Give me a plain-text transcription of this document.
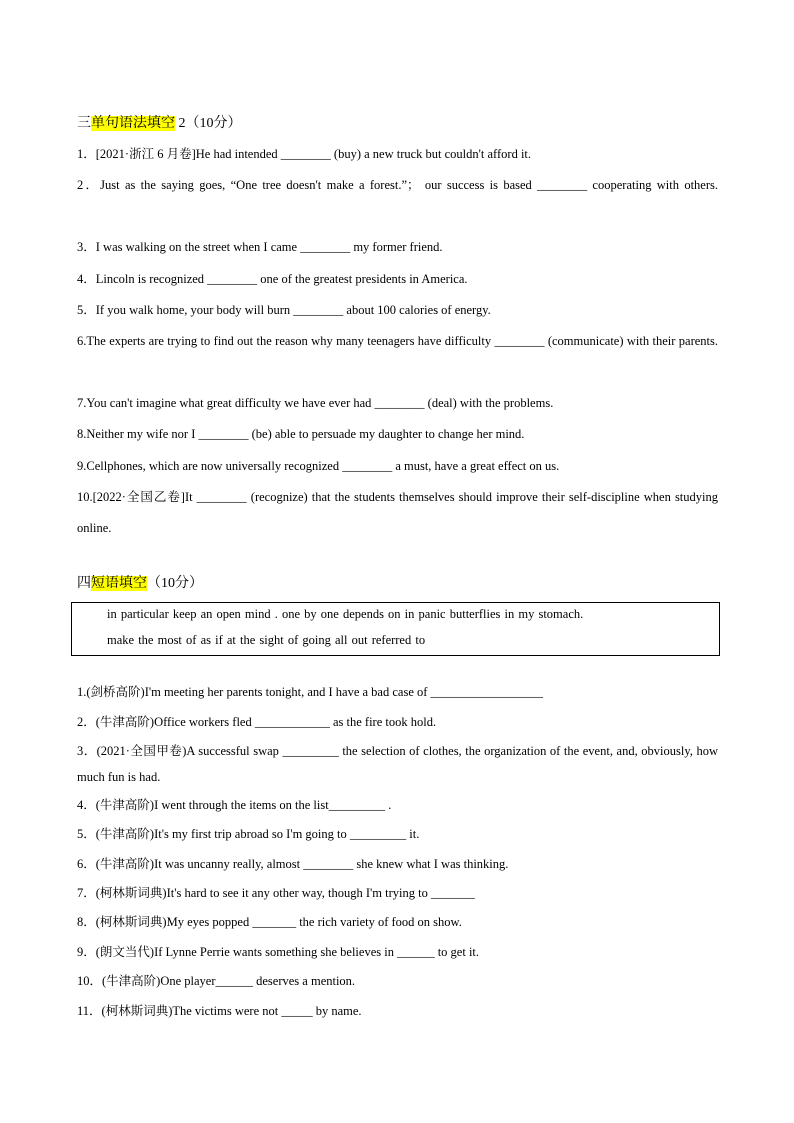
三单句语法填空 2（10分）
1．[2021·浙江 6 月卷]He had intended ________ (buy) a new truck but couldn't afford it.
2．Just as the saying goes, “One tree doesn't make a forest.”； our success is based ________ cooperating with others.
3．I was walking on the street when I came ________ my former friend.
4．Lincoln is recognized ________ one of the greatest presidents in America.
5．If you walk home, your body will burn ________ about 100 calories of energy.
6.The experts are trying to find out the reason why many teenagers have difficulty ________ (communicate) with their parents.
7.You can't imagine what great difficulty we have ever had ________ (deal) with the problems.
8.Neither my wife nor I ________ (be) able to persuade my daughter to change her mind.
9.Cellphones, which are now universally recognized ________ a must, have a great effect on us.
10.[2022·全国乙卷]It ________ (recognize) that the students themselves should improve their self-discipline when studying online.
四短语填空（10分）
in particular keep an open mind . one by one depends on in panic butterflies in my stomach.
make the most of as if at the sight of going all out referred to
1.(剑桥高阶)I'm meeting her parents tonight, and I have a bad case of __________________
2．(牛津高阶)Office workers fled ____________ as the fire took hold.
3．(2021·全国甲卷)A successful swap _________ the selection of clothes, the organization of the event, and, obviously, how much fun is had.
4．(牛津高阶)I went through the items on the list_________ .
5．(牛津高阶)It's my first trip abroad so I'm going to _________ it.
6．(牛津高阶)It was uncanny really, almost ________ she knew what I was thinking.
7．(柯林斯词典)It's hard to see it any other way, though I'm trying to _______
8．(柯林斯词典)My eyes popped _______ the rich variety of food on show.
9．(朗文当代)If Lynne Perrie wants something she believes in ______ to get it.
10．(牛津高阶)One player______ deserves a mention.
11．(柯林斯词典)The victims were not _____ by name.
